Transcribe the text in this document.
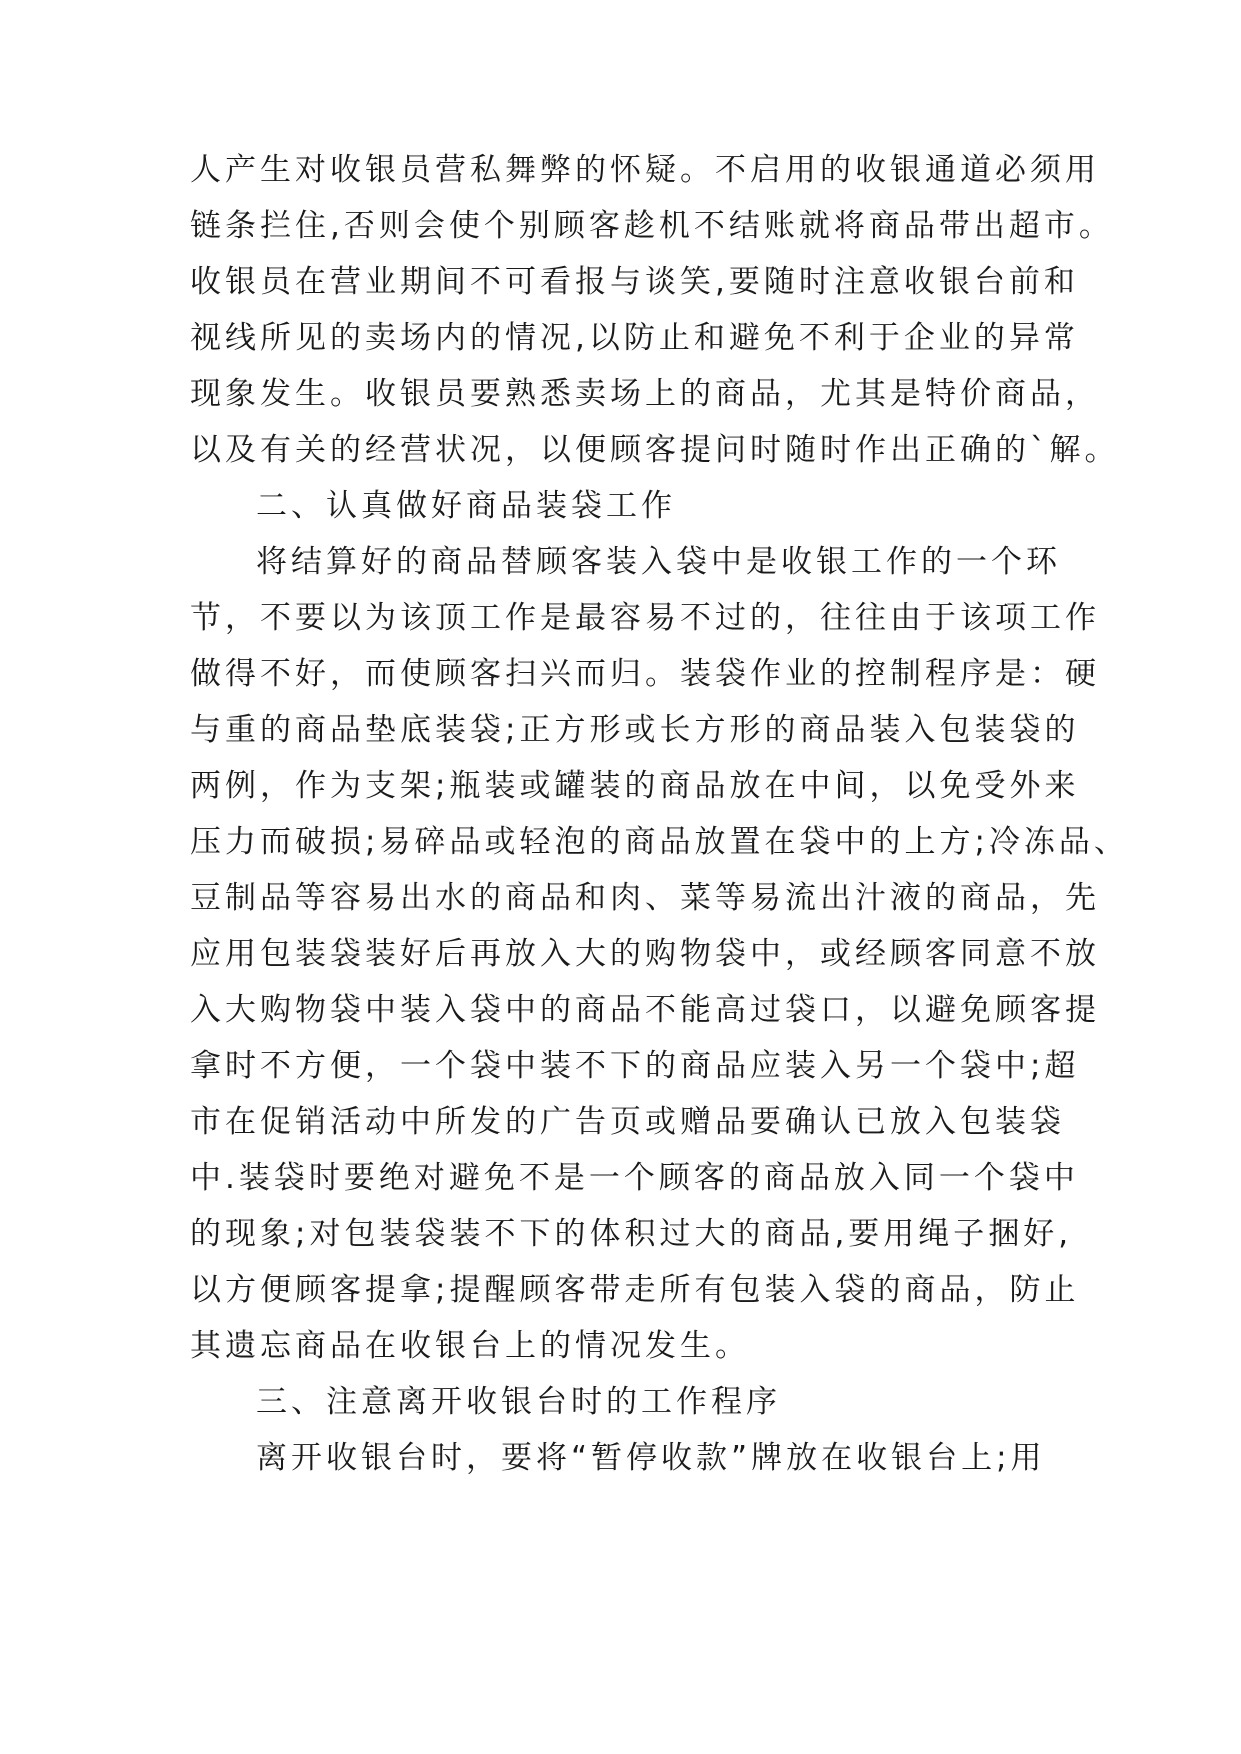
人产生对收银员营私舞弊的怀疑。不启用的收银通道必须用
链条拦住,否则会使个别顾客趁机不结账就将商品带出超市。
收银员在营业期间不可看报与谈笑,要随时注意收银台前和
视线所见的卖场内的情况,以防止和避免不利于企业的异常
现象发生。收银员要熟悉卖场上的商品，尤其是特价商品，
以及有关的经营状况，以便顾客提问时随时作出正确的`解。
二、认真做好商品装袋工作
将结算好的商品替顾客装入袋中是收银工作的一个环
节，不要以为该顶工作是最容易不过的，往往由于该项工作
做得不好，而使顾客扫兴而归。装袋作业的控制程序是：硬
与重的商品垫底装袋;正方形或长方形的商品装入包装袋的
两例，作为支架;瓶装或罐装的商品放在中间，以免受外来
压力而破损;易碎品或轻泡的商品放置在袋中的上方;冷冻品、
豆制品等容易出水的商品和肉、菜等易流出汁液的商品，先
应用包装袋装好后再放入大的购物袋中，或经顾客同意不放
入大购物袋中装入袋中的商品不能高过袋口，以避免顾客提
拿时不方便，一个袋中装不下的商品应装入另一个袋中;超
市在促销活动中所发的广告页或赠品要确认已放入包装袋
中.装袋时要绝对避免不是一个顾客的商品放入同一个袋中
的现象;对包装袋装不下的体积过大的商品,要用绳子捆好,
以方便顾客提拿;提醒顾客带走所有包装入袋的商品，防止
其遗忘商品在收银台上的情况发生。
三、注意离开收银台时的工作程序
离开收银台时，要将“暂停收款”牌放在收银台上;用
